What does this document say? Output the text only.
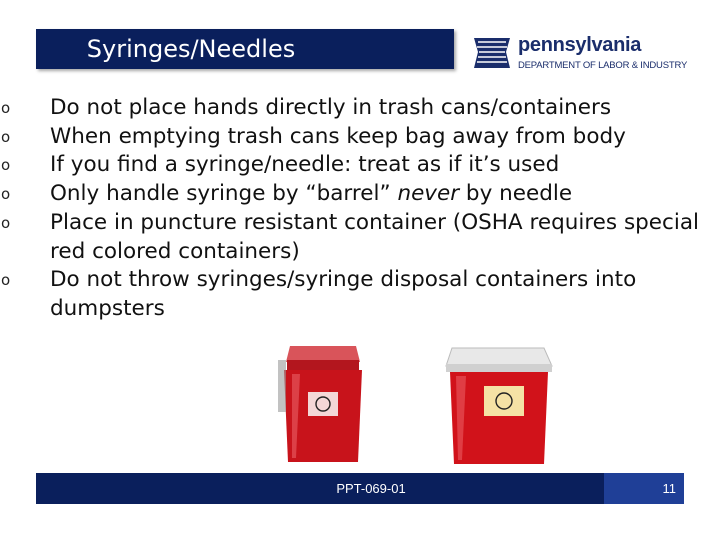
Syringes/Needles	pennsylvania
DEPARTMENT OF LABOR & INDUSTRY
o Do not place hands directly in trash cans/containers
o When emptying trash cans keep bag away from body
o If you find a syringe/needle: treat as if it’s used
o Only handle syringe by “barrel” never by needle
o Place in puncture resistant container (OSHA requires special red colored containers)
o Do not throw syringes/syringe disposal containers into dumpsters
PPT-069-01	11
